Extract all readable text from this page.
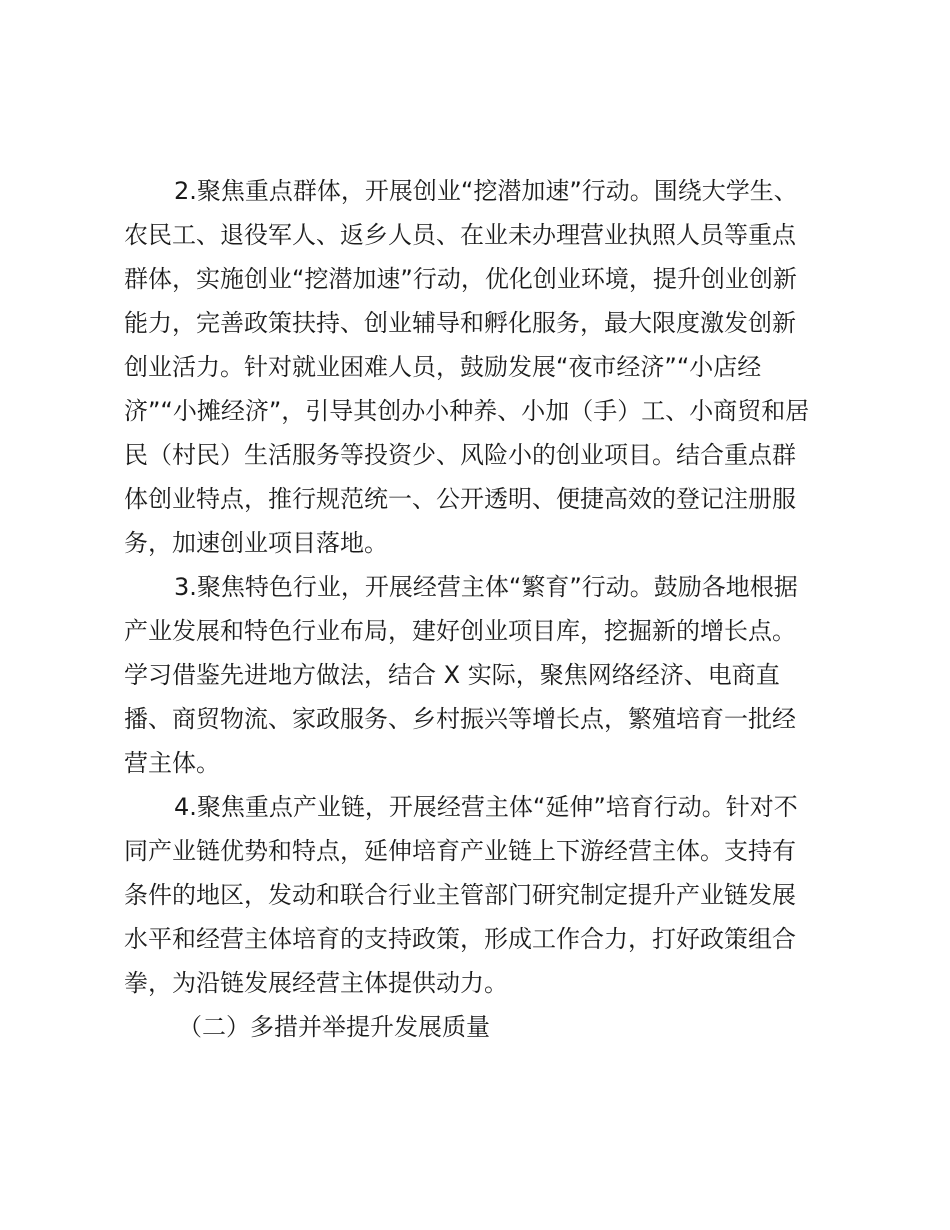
2.聚焦重点群体，开展创业“挖潜加速”行动。围绕大学生、
农民工、退役军人、返乡人员、在业未办理营业执照人员等重点
群体，实施创业“挖潜加速”行动，优化创业环境，提升创业创新
能力，完善政策扶持、创业辅导和孵化服务，最大限度激发创新
创业活力。针对就业困难人员，鼓励发展“夜市经济”“小店经
济”“小摊经济”，引导其创办小种养、小加（手）工、小商贸和居
民（村民）生活服务等投资少、风险小的创业项目。结合重点群
体创业特点，推行规范统一、公开透明、便捷高效的登记注册服
务，加速创业项目落地。
3.聚焦特色行业，开展经营主体“繁育”行动。鼓励各地根据
产业发展和特色行业布局，建好创业项目库，挖掘新的增长点。
学习借鉴先进地方做法，结合 X 实际，聚焦网络经济、电商直
播、商贸物流、家政服务、乡村振兴等增长点，繁殖培育一批经
营主体。
4.聚焦重点产业链，开展经营主体“延伸”培育行动。针对不
同产业链优势和特点，延伸培育产业链上下游经营主体。支持有
条件的地区，发动和联合行业主管部门研究制定提升产业链发展
水平和经营主体培育的支持政策，形成工作合力，打好政策组合
拳，为沿链发展经营主体提供动力。
（二）多措并举提升发展质量
